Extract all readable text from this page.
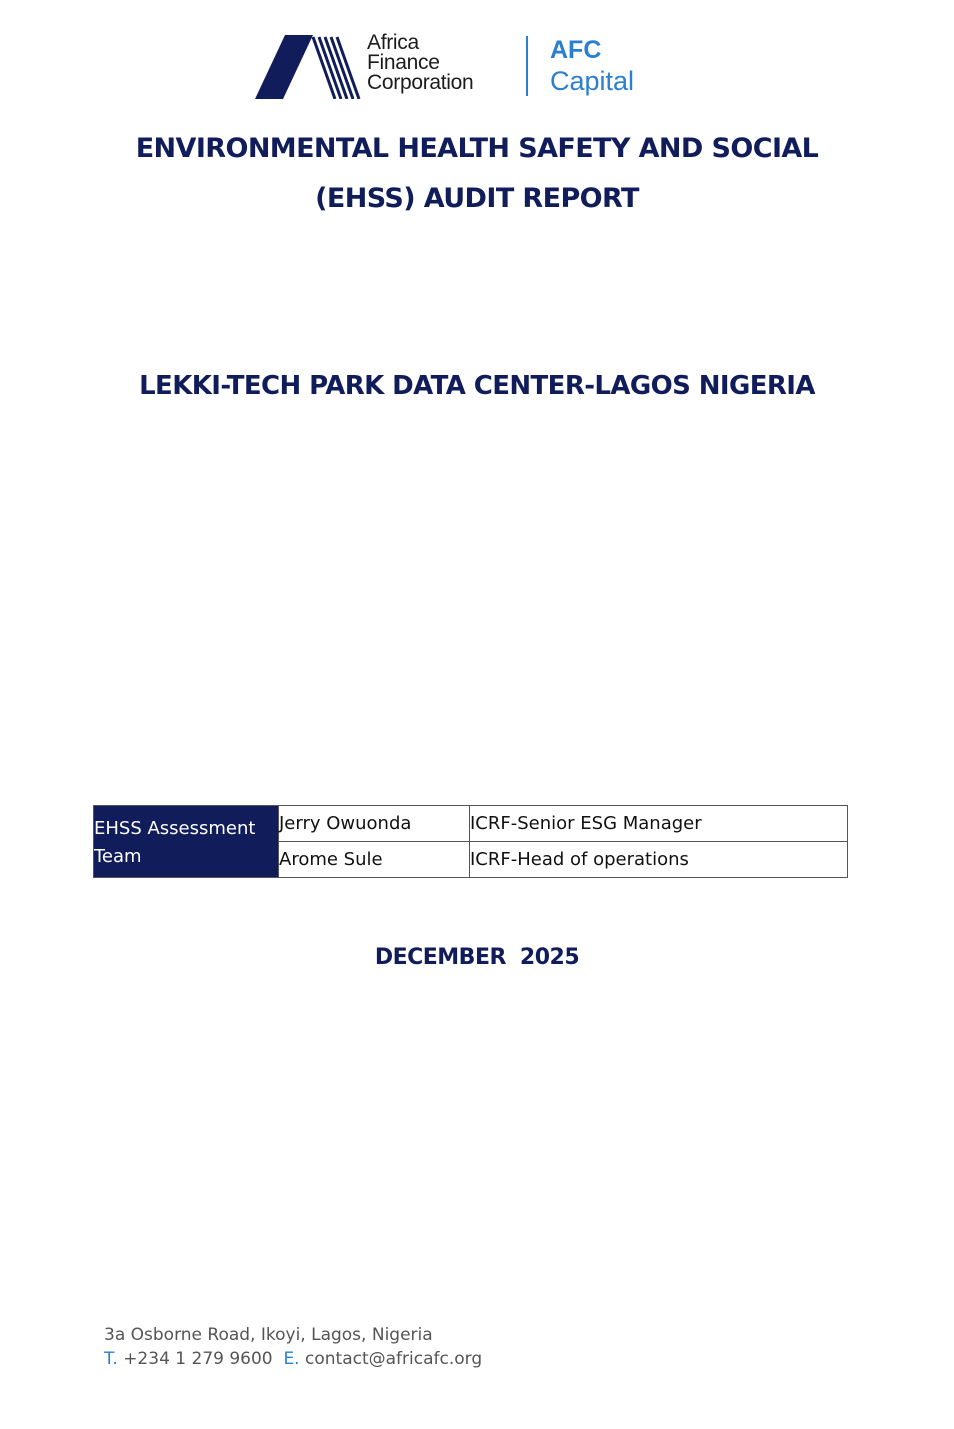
Africa
Finance
Corporation
AFC
Capital
ENVIRONMENTAL HEALTH SAFETY AND SOCIAL
(EHSS) AUDIT REPORT
LEKKI-TECH PARK DATA CENTER-LAGOS NIGERIA
EHSS Assessment Team	Jerry Owuonda	ICRF-Senior ESG Manager
	Arome Sule	ICRF-Head of operations
DECEMBER 2025
3a Osborne Road, Ikoyi, Lagos, Nigeria
T. +234 1 279 9600 E. contact@africafc.org
